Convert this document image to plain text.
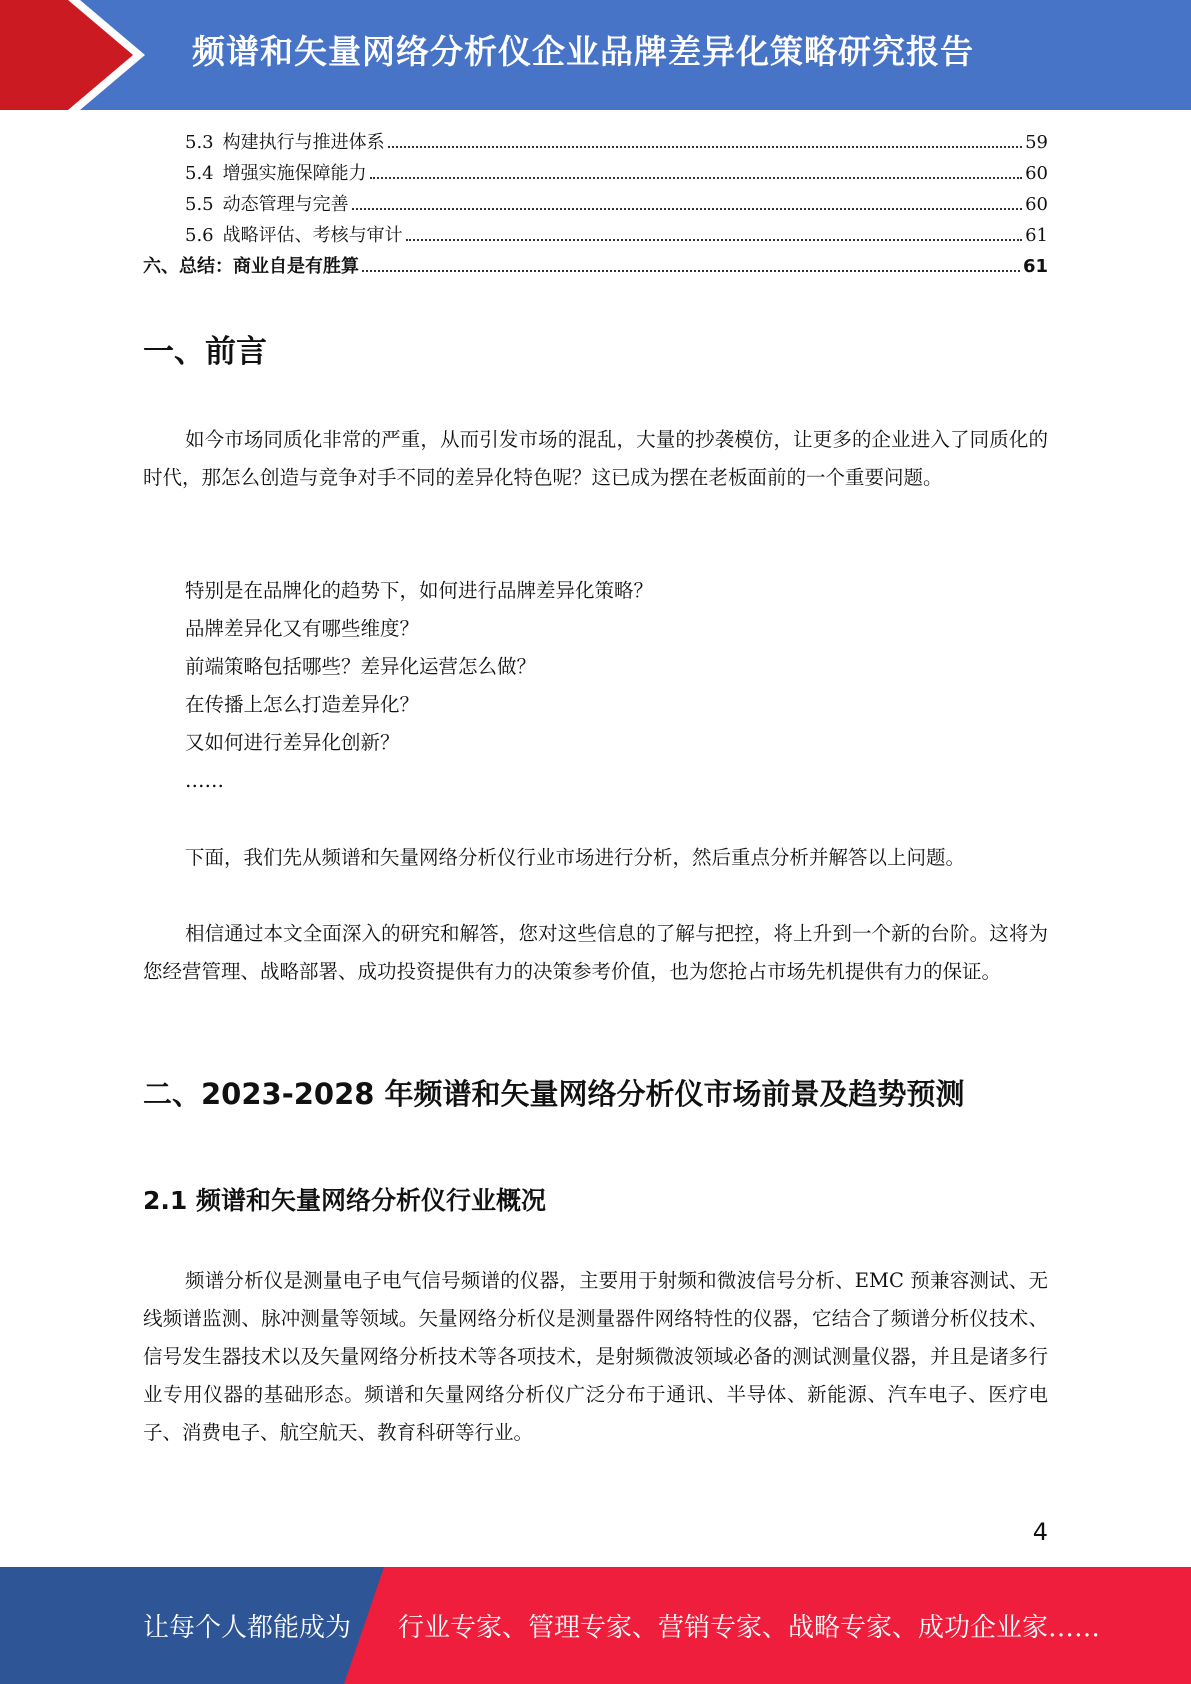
频谱和矢量网络分析仪企业品牌差异化策略研究报告
5.3 构建执行与推进体系	59
5.4 增强实施保障能力	60
5.5 动态管理与完善	60
5.6 战略评估、考核与审计	61
六、总结：商业自是有胜算	61
一、前言

如今市场同质化非常的严重，从而引发市场的混乱，大量的抄袭模仿，让更多的企业进入了同质化的时代，那怎么创造与竞争对手不同的差异化特色呢？这已成为摆在老板面前的一个重要问题。

特别是在品牌化的趋势下，如何进行品牌差异化策略？
品牌差异化又有哪些维度？
前端策略包括哪些？差异化运营怎么做？
在传播上怎么打造差异化？
又如何进行差异化创新？
……

下面，我们先从频谱和矢量网络分析仪行业市场进行分析，然后重点分析并解答以上问题。

相信通过本文全面深入的研究和解答，您对这些信息的了解与把控，将上升到一个新的台阶。这将为您经营管理、战略部署、成功投资提供有力的决策参考价值，也为您抢占市场先机提供有力的保证。

二、2023-2028 年频谱和矢量网络分析仪市场前景及趋势预测
2.1 频谱和矢量网络分析仪行业概况

频谱分析仪是测量电子电气信号频谱的仪器，主要用于射频和微波信号分析、EMC 预兼容测试、无线频谱监测、脉冲测量等领域。矢量网络分析仪是测量器件网络特性的仪器，它结合了频谱分析仪技术、信号发生器技术以及矢量网络分析技术等各项技术，是射频微波领域必备的测试测量仪器，并且是诸多行业专用仪器的基础形态。频谱和矢量网络分析仪广泛分布于通讯、半导体、新能源、汽车电子、医疗电子、消费电子、航空航天、教育科研等行业。

4
让每个人都能成为 行业专家、管理专家、营销专家、战略专家、成功企业家……
